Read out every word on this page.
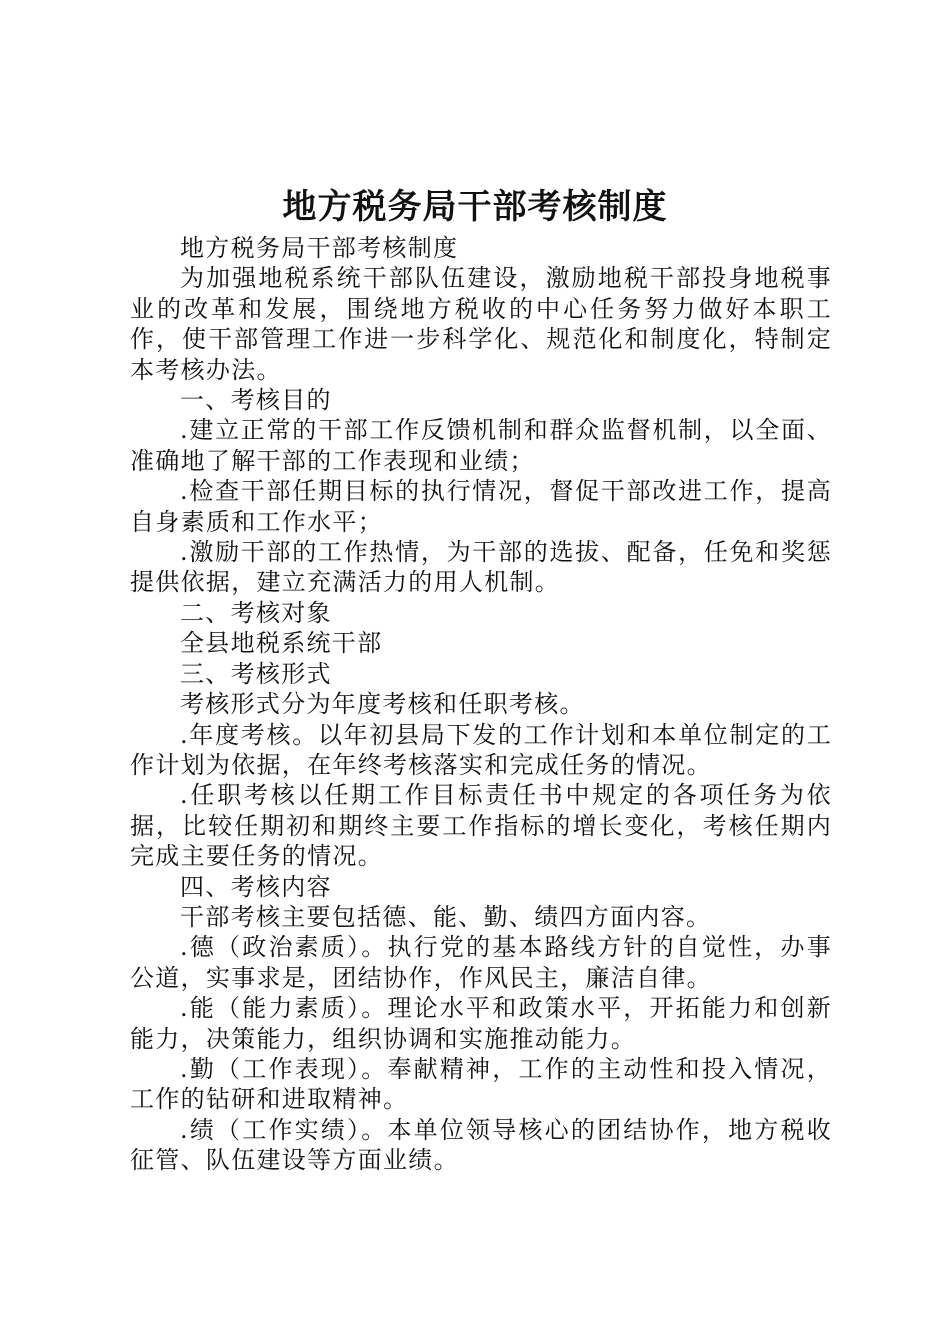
地方税务局干部考核制度

地方税务局干部考核制度

为加强地税系统干部队伍建设，激励地税干部投身地税事业的改革和发展，围绕地方税收的中心任务努力做好本职工作，使干部管理工作进一步科学化、规范化和制度化，特制定本考核办法。

一、考核目的

.建立正常的干部工作反馈机制和群众监督机制，以全面、准确地了解干部的工作表现和业绩；

.检查干部任期目标的执行情况，督促干部改进工作，提高自身素质和工作水平；

.激励干部的工作热情，为干部的选拔、配备，任免和奖惩提供依据，建立充满活力的用人机制。

二、考核对象

全县地税系统干部

三、考核形式

考核形式分为年度考核和任职考核。

.年度考核。以年初县局下发的工作计划和本单位制定的工作计划为依据，在年终考核落实和完成任务的情况。

.任职考核以任期工作目标责任书中规定的各项任务为依据，比较任期初和期终主要工作指标的增长变化，考核任期内完成主要任务的情况。

四、考核内容

干部考核主要包括德、能、勤、绩四方面内容。

.德（政治素质）。执行党的基本路线方针的自觉性，办事公道，实事求是，团结协作，作风民主，廉洁自律。

.能（能力素质）。理论水平和政策水平，开拓能力和创新能力，决策能力，组织协调和实施推动能力。

.勤（工作表现）。奉献精神，工作的主动性和投入情况，工作的钻研和进取精神。

.绩（工作实绩）。本单位领导核心的团结协作，地方税收征管、队伍建设等方面业绩。
